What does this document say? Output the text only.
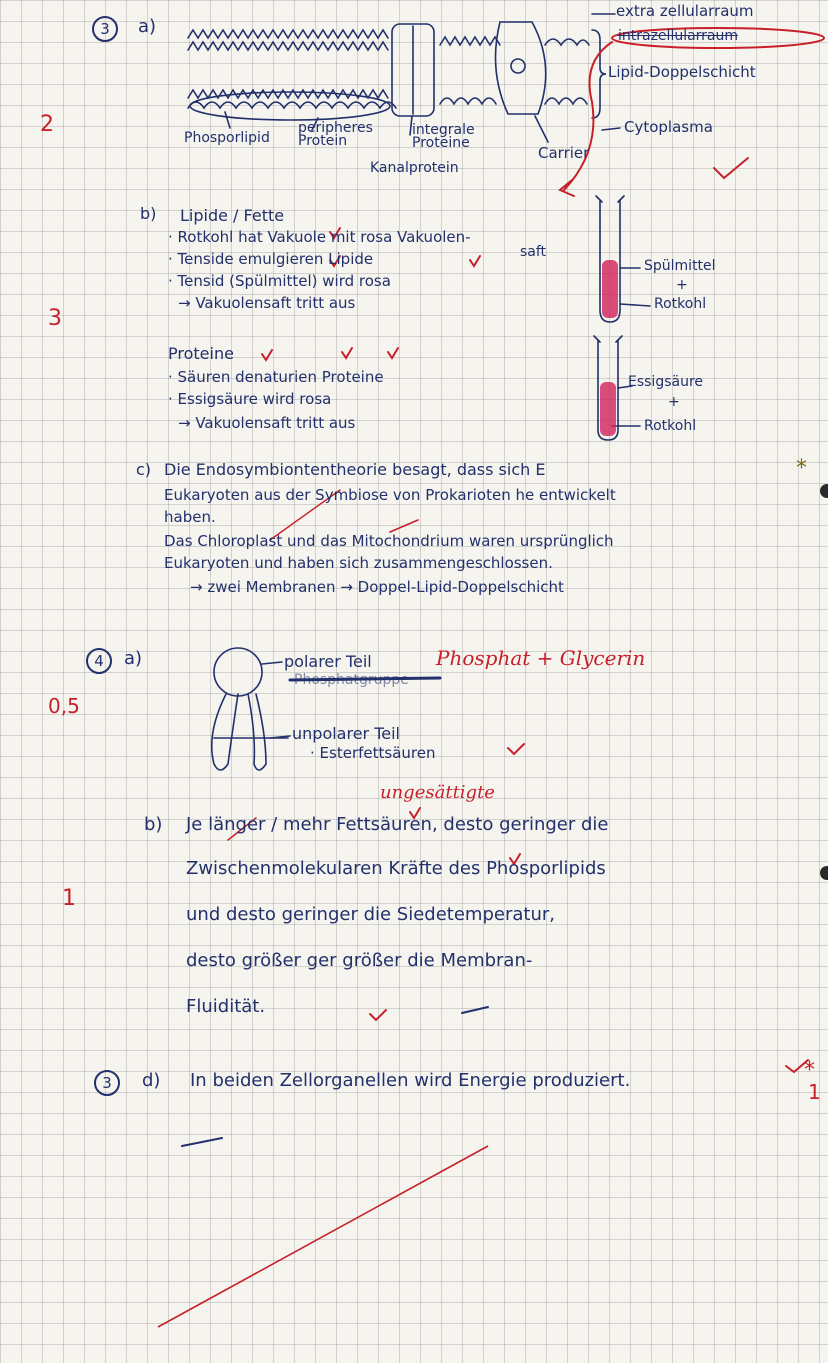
3	a)
extra zellularraum
intrazellularraum
Lipid-Doppelschicht
Cytoplasma
Phosporlipid
peripheres Protein
integrale Proteine
Kanalprotein
Carrier
2
b) Lipide / Fette
· Rotkohl hat Vakuole mit rosa Vakuolen-
saft
· Tenside emulgieren Lipide
· Tensid (Spülmittel) wird rosa
→ Vakuolensaft tritt aus
Spülmittel
+
Rotkohl
3
Proteine
· Säuren denaturien Proteine
· Essigsäure wird rosa
→ Vakuolensaft tritt aus
Essigsäure
+
Rotkohl
c) Die Endosymbiontentheorie besagt, dass sich E
Eukaryoten aus der Symbiose von Prokarioten he entwickelt
haben.
Das Chloroplast und das Mitochondrium waren ursprünglich
Eukaryoten und haben sich zusammengeschlossen.
→ zwei Membranen → Doppel-Lipid-Doppelschicht
*
4	a)	polarer Teil
Phosphatgruppe
Phosphat + Glycerin
unpolarer Teil
· Esterfettsäuren
0,5
ungesättigte
b) Je länger / mehr Fettsäuren, desto geringer die
Zwischenmolekularen Kräfte des Phosporlipids
und desto geringer die Siedetemperatur,
desto größer ger größer die Membran-
Fluidität.
1
3	d) In beiden Zellorganellen wird Energie produziert.	*
1
